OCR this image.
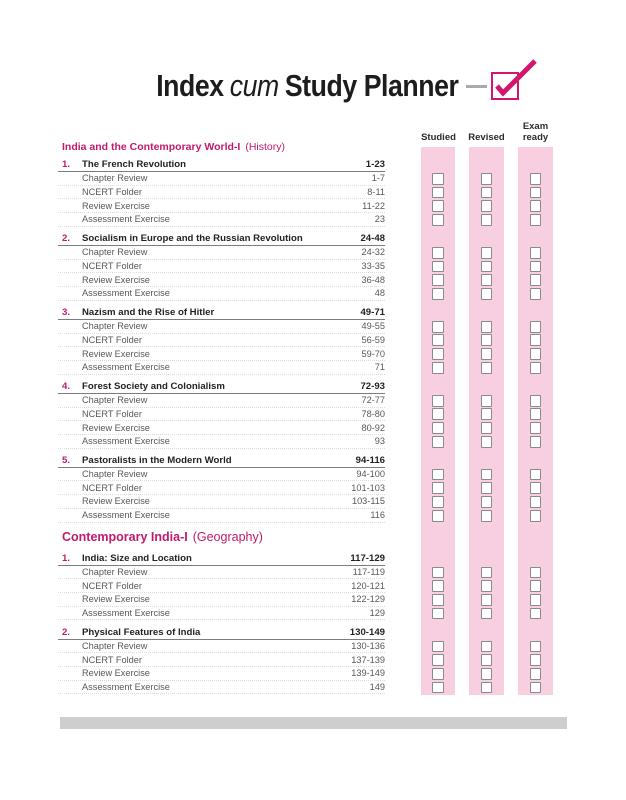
Index cum Study Planner
Studied	Revised
Exam ready
India and the Contemporary World-I (History)
1.	The French Revolution	1-23
Chapter Review	1-7
NCERT Folder	8-11
Review Exercise	11-22
Assessment Exercise	23
2.	Socialism in Europe and the Russian Revolution	24-48
Chapter Review	24-32
NCERT Folder	33-35
Review Exercise	36-48
Assessment Exercise	48
3.	Nazism and the Rise of Hitler	49-71
Chapter Review	49-55
NCERT Folder	56-59
Review Exercise	59-70
Assessment Exercise	71
4.	Forest Society and Colonialism	72-93
Chapter Review	72-77
NCERT Folder	78-80
Review Exercise	80-92
Assessment Exercise	93
5.	Pastoralists in the Modern World	94-116
Chapter Review	94-100
NCERT Folder	101-103
Review Exercise	103-115
Assessment Exercise	116
Contemporary India-I (Geography)
1.	India: Size and Location	117-129
Chapter Review	117-119
NCERT Folder	120-121
Review Exercise	122-129
Assessment Exercise	129
2.	Physical Features of India	130-149
Chapter Review	130-136
NCERT Folder	137-139
Review Exercise	139-149
Assessment Exercise	149
